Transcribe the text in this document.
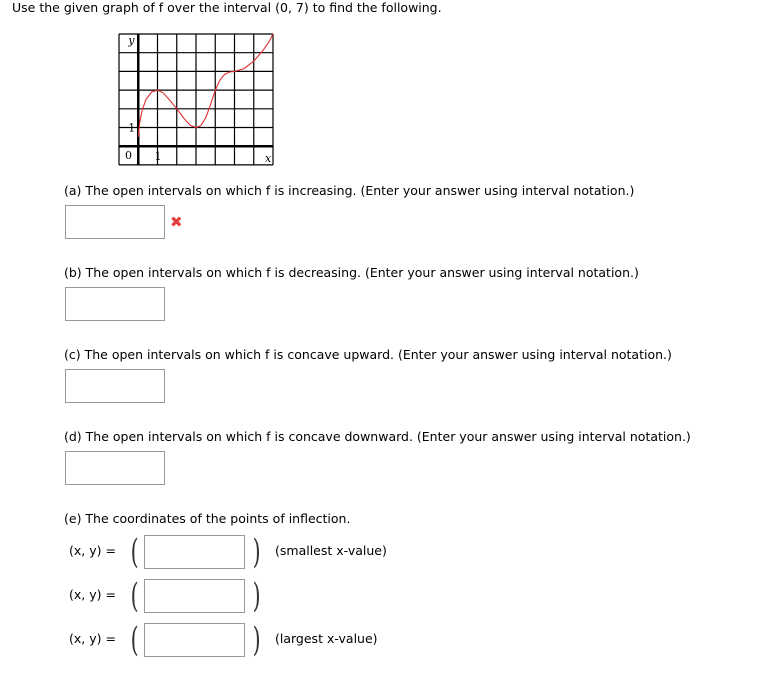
Use the given graph of f over the interval (0, 7) to find the following.
y
x
0 1
1
(a) The open intervals on which f is increasing. (Enter your answer using interval notation.)
✖
(b) The open intervals on which f is decreasing. (Enter your answer using interval notation.)
(c) The open intervals on which f is concave upward. (Enter your answer using interval notation.)
(d) The open intervals on which f is concave downward. (Enter your answer using interval notation.)
(e) The coordinates of the points of inflection.
(x, y) = (	) (smallest x-value)
(x, y) = (	)
(x, y) = (	) (largest x-value)
